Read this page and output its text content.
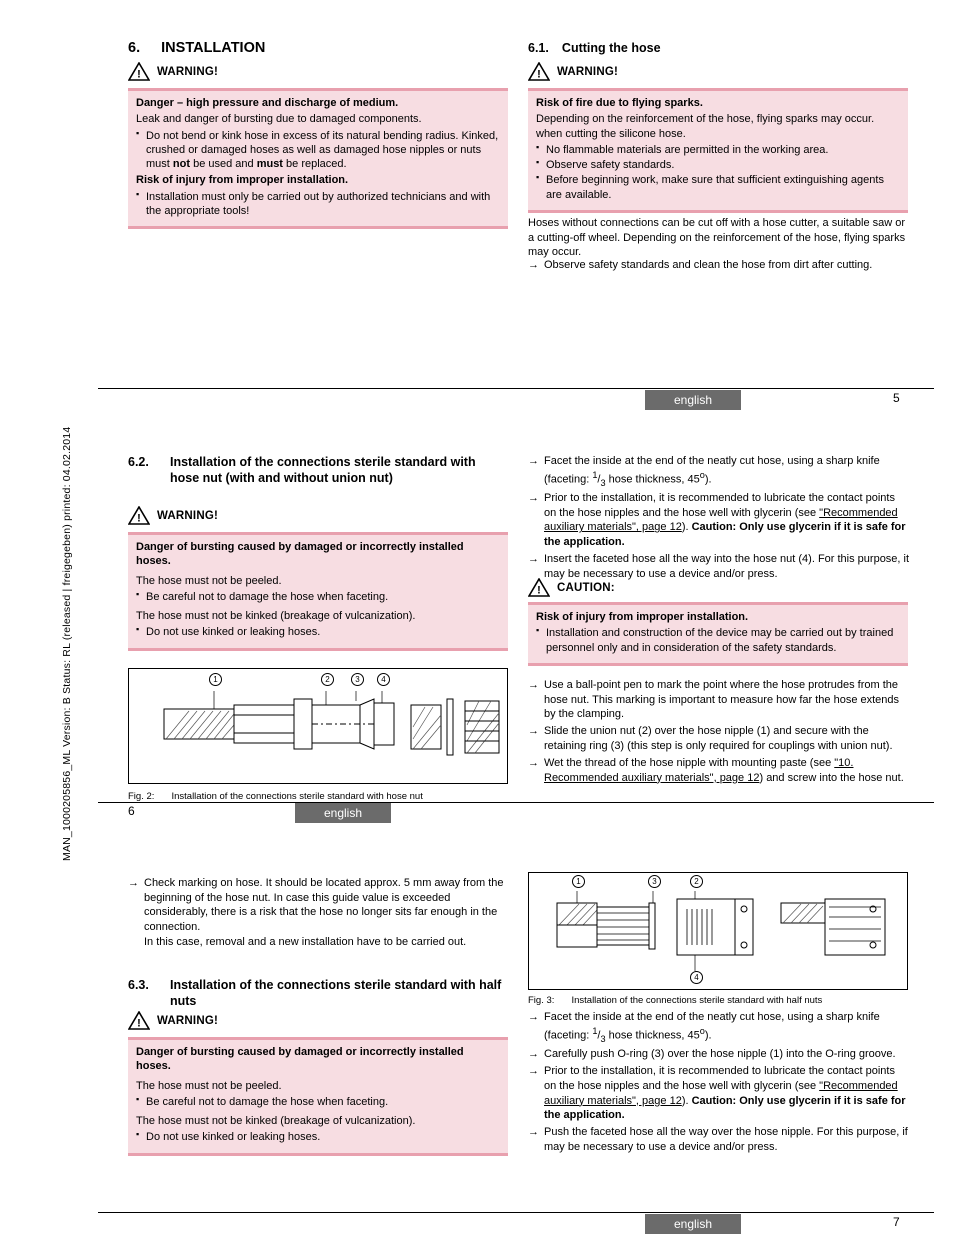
MAN_1000205856_ML Version: B Status: RL (released | freigegeben) printed: 04.02.2014
6. INSTALLATION
! WARNING!

Danger – high pressure and discharge of medium.

Leak and danger of bursting due to damaged components.

▪ Do not bend or kink hose in excess of its natural bending radius. Kinked, crushed or damaged hoses as well as damaged hose nipples or nuts must not be used and must be replaced.

Risk of injury from improper installation.

▪ Installation must only be carried out by authorized technicians and with the appropriate tools!
6.1. Cutting the hose
! WARNING!

Risk of fire due to flying sparks.

Depending on the reinforcement of the hose, flying sparks may occur. when cutting the silicone hose.

▪ No flammable materials are permitted in the working area.
▪ Observe safety standards.
▪ Before beginning work, make sure that sufficient extinguishing agents are available.
Hoses without connections can be cut off with a hose cutter, a suitable saw or a cutting-off wheel. Depending on the reinforcement of the hose, flying sparks may occur.
→ Observe safety standards and clean the hose from dirt after cutting.
english	5
6.2. Installation of the connections sterile standard with hose nut (with and without union nut)
! WARNING!

Danger of bursting caused by damaged or incorrectly installed hoses.

The hose must not be peeled.

▪ Be careful not to damage the hose when faceting.

The hose must not be kinked (breakage of vulcanization).

▪ Do not use kinked or leaking hoses.
1	2	3	4
Fig. 2: Installation of the connections sterile standard with hose nut
→ Facet the inside at the end of the neatly cut hose, using a sharp knife (faceting: $^1/_3$ hose thickness, $45^o$).
→ Prior to the installation, it is recommended to lubricate the contact points on the hose nipples and the hose well with glycerin (see "Recommended auxiliary materials", page 12). Caution: Only use glycerin if it is safe for the application.
→ Insert the faceted hose all the way into the hose nut (4). For this purpose, it may be necessary to use a device and/or press.
! CAUTION:

Risk of injury from improper installation.

▪ Installation and construction of the device may be carried out by trained personnel only and in consideration of the safety standards.
→ Use a ball-point pen to mark the point where the hose protrudes from the hose nut. This marking is important to measure how far the hose extends by the clamping.
→ Slide the union nut (2) over the hose nipple (1) and secure with the retaining ring (3) (this step is only required for couplings with union nut).
→ Wet the thread of the hose nipple with mounting paste (see "10. Recommended auxiliary materials", page 12) and screw into the hose nut.
6	english
→ Check marking on hose. It should be located approx. 5 mm away from the beginning of the hose nut. In case this guide value is exceeded considerably, there is a risk that the hose no longer sits far enough in the connection.
In this case, removal and a new installation have to be carried out.
6.3. Installation of the connections sterile standard with half nuts
! WARNING!

Danger of bursting caused by damaged or incorrectly installed hoses.

The hose must not be peeled.

▪ Be careful not to damage the hose when faceting.

The hose must not be kinked (breakage of vulcanization).

▪ Do not use kinked or leaking hoses.
1	3	2
4
Fig. 3: Installation of the connections sterile standard with half nuts
→ Facet the inside at the end of the neatly cut hose, using a sharp knife (faceting: $^1/_3$ hose thickness, $45^o$).
→ Carefully push O-ring (3) over the hose nipple (1) into the O-ring groove.
→ Prior to the installation, it is recommended to lubricate the contact points on the hose nipples and the hose well with glycerin (see "Recommended auxiliary materials", page 12). Caution: Only use glycerin if it is safe for the application.
→ Push the faceted hose all the way over the hose nipple. For this purpose, if may be necessary to use a device and/or press.
english	7
